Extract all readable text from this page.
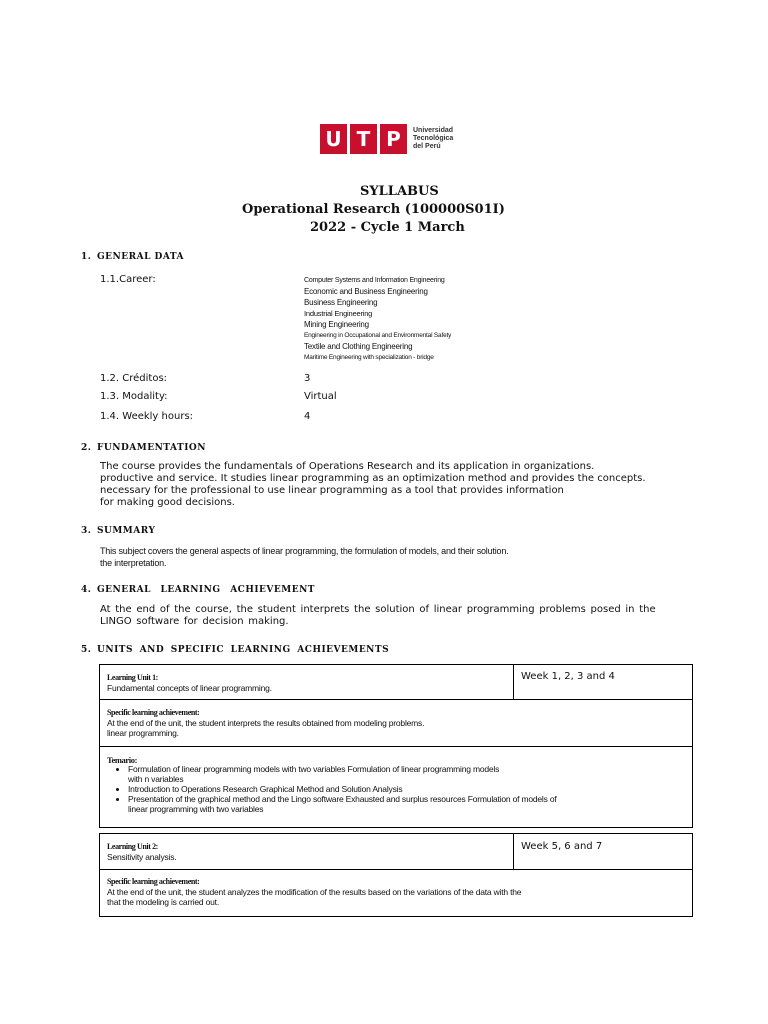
U T P	Universidad
Tecnológica
del Perú
SYLLABUS
Operational Research (100000S01I)
2022 - Cycle 1 March
1. GENERAL DATA
1.1.Career:	Computer Systems and Information Engineering
Economic and Business Engineering
Business Engineering
Industrial Engineering
Mining Engineering
Engineering in Occupational and Environmental Safety
Textile and Clothing Engineering
Maritime Engineering with specialization - bridge
1.2. Créditos:	3
1.3. Modality:	Virtual
1.4. Weekly hours:	4
2. FUNDAMENTATION
The course provides the fundamentals of Operations Research and its application in organizations.
productive and service. It studies linear programming as an optimization method and provides the concepts.
necessary for the professional to use linear programming as a tool that provides information
for making good decisions.
3. SUMMARY
This subject covers the general aspects of linear programming, the formulation of models, and their solution.
the interpretation.
4. GENERAL LEARNING ACHIEVEMENT
At the end of the course, the student interprets the solution of linear programming problems posed in the
LINGO software for decision making.
5. UNITS AND SPECIFIC LEARNING ACHIEVEMENTS
Learning Unit 1:
Fundamental concepts of linear programming.
Week 1, 2, 3 and 4
Specific learning achievement:
At the end of the unit, the student interprets the results obtained from modeling problems.
linear programming.
Temario:
• Formulation of linear programming models with two variables Formulation of linear programming models
with n variables
• Introduction to Operations Research Graphical Method and Solution Analysis
• Presentation of the graphical method and the Lingo software Exhausted and surplus resources Formulation of models of
linear programming with two variables
Learning Unit 2:
Sensitivity analysis.
Week 5, 6 and 7
Specific learning achievement:
At the end of the unit, the student analyzes the modification of the results based on the variations of the data with the
that the modeling is carried out.
